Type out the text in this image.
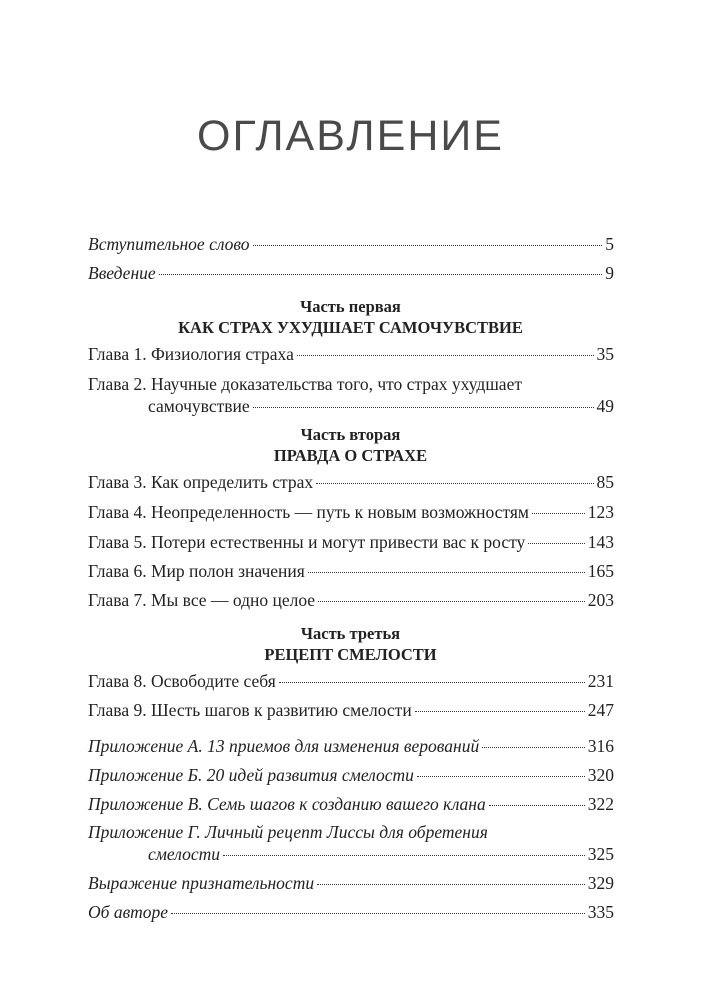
ОГЛАВЛЕНИЕ
Вступительное слово	5
Введение	9
Часть первая
КАК СТРАХ УХУДШАЕТ САМОЧУВСТВИЕ
Глава 1. Физиология страха	35
Глава 2. Научные доказательства того, что страх ухудшает
самочувствие	49
Часть вторая
ПРАВДА О СТРАХЕ
Глава 3. Как определить страх	85
Глава 4. Неопределенность — путь к новым возможностям	123
Глава 5. Потери естественны и могут привести вас к росту	143
Глава 6. Мир полон значения	165
Глава 7. Мы все — одно целое	203
Часть третья
РЕЦЕПТ СМЕЛОСТИ
Глава 8. Освободите себя	231
Глава 9. Шесть шагов к развитию смелости	247
Приложение А. 13 приемов для изменения верований	316
Приложение Б. 20 идей развития смелости	320
Приложение В. Семь шагов к созданию вашего клана	322
Приложение Г. Личный рецепт Лиссы для обретения
смелости	325
Выражение признательности	329
Об авторе	335
